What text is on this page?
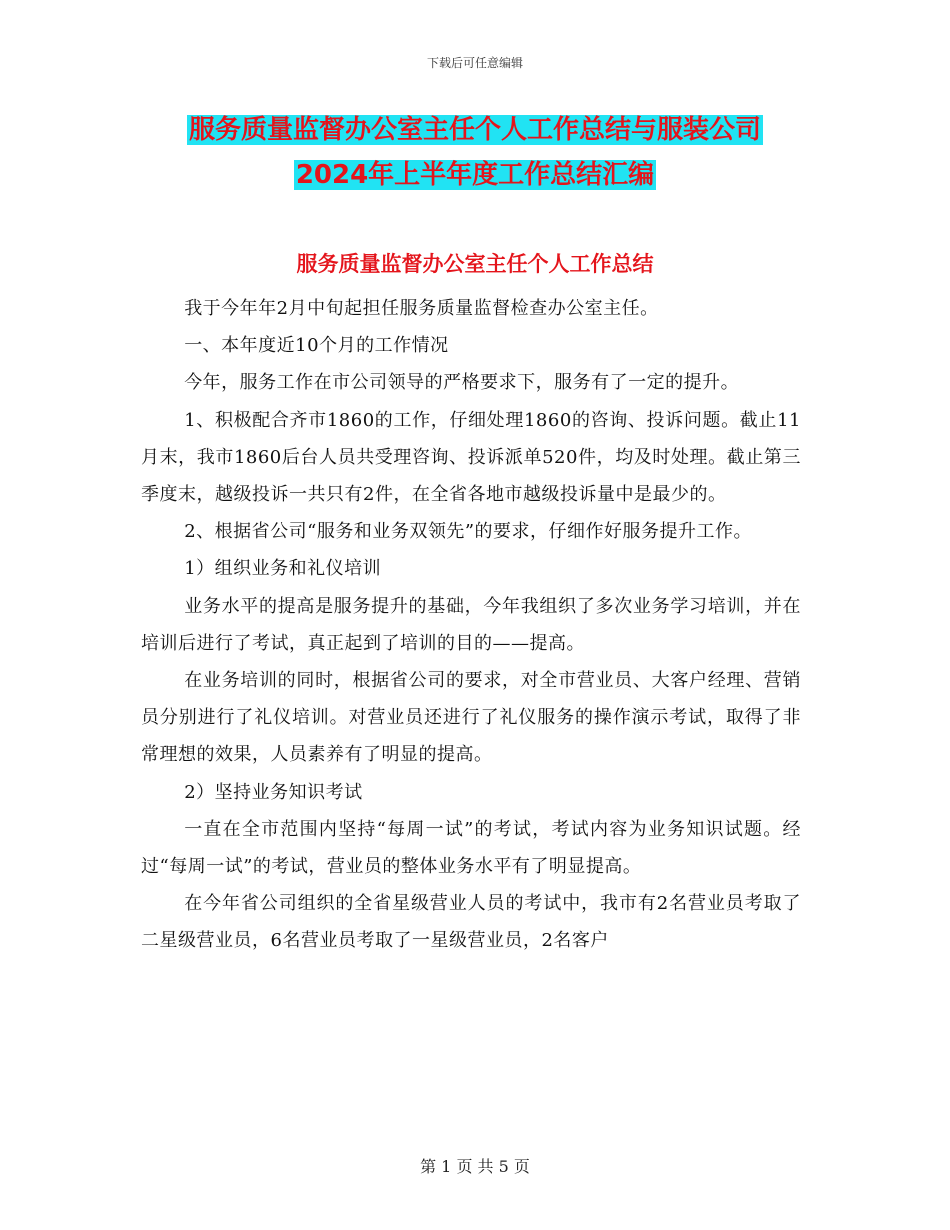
下载后可任意编辑
服务质量监督办公室主任个人工作总结与服装公司
2024年上半年度工作总结汇编
服务质量监督办公室主任个人工作总结

我于今年年2月中旬起担任服务质量监督检查办公室主任。

一、本年度近10个月的工作情况

今年，服务工作在市公司领导的严格要求下，服务有了一定的提升。

1、积极配合齐市1860的工作，仔细处理1860的咨询、投诉问题。截止11月末，我市1860后台人员共受理咨询、投诉派单520件，均及时处理。截止第三季度末，越级投诉一共只有2件，在全省各地市越级投诉量中是最少的。

2、根据省公司“服务和业务双领先”的要求，仔细作好服务提升工作。

1）组织业务和礼仪培训

业务水平的提高是服务提升的基础，今年我组织了多次业务学习培训，并在培训后进行了考试，真正起到了培训的目的——提高。

在业务培训的同时，根据省公司的要求，对全市营业员、大客户经理、营销员分别进行了礼仪培训。对营业员还进行了礼仪服务的操作演示考试，取得了非常理想的效果，人员素养有了明显的提高。

2）坚持业务知识考试

一直在全市范围内坚持“每周一试”的考试，考试内容为业务知识试题。经过“每周一试”的考试，营业员的整体业务水平有了明显提高。

在今年省公司组织的全省星级营业人员的考试中，我市有2名营业员考取了二星级营业员，6名营业员考取了一星级营业员，2名客户

第 1 页 共 5 页
